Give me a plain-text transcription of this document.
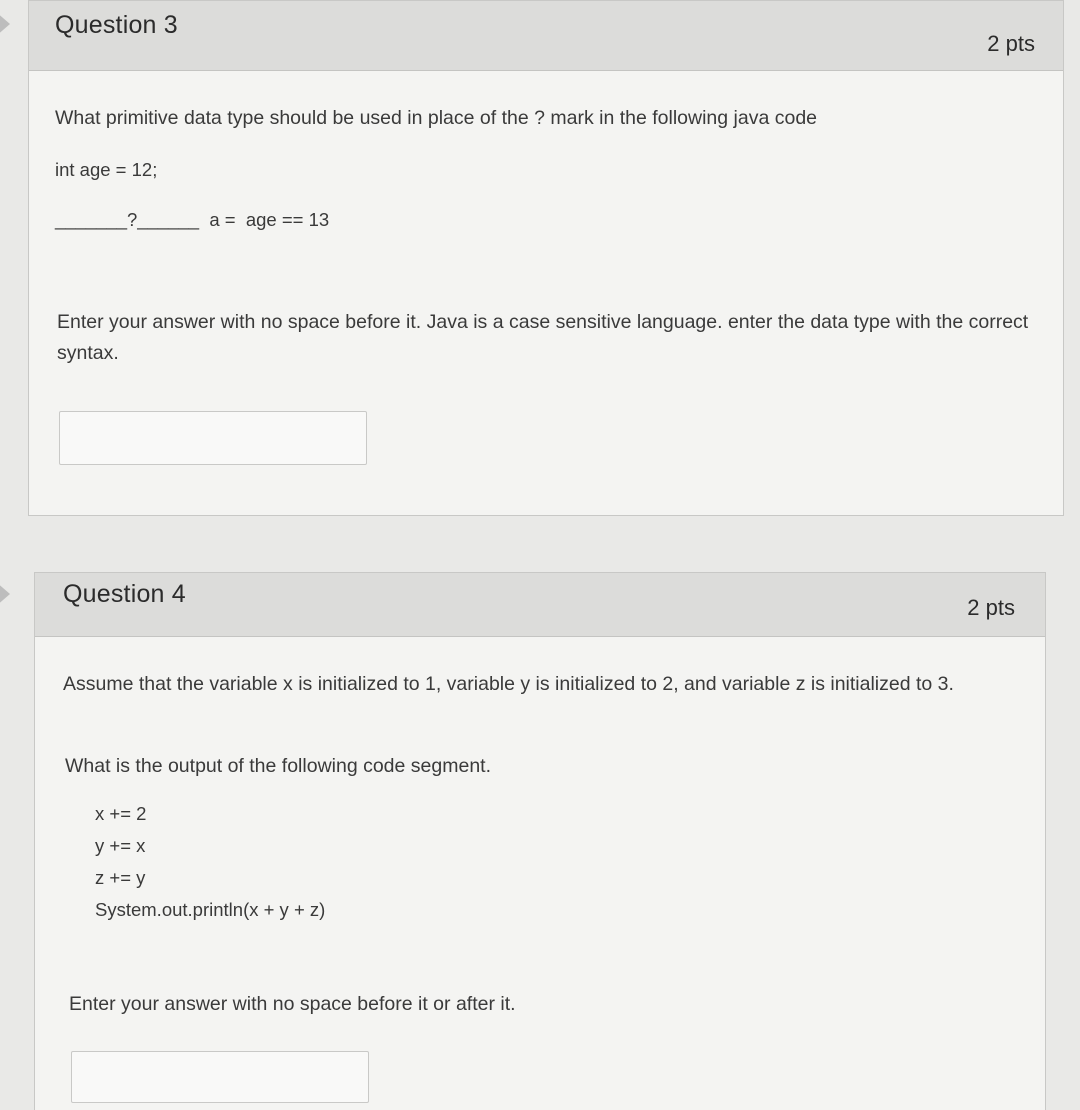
Question 3
2 pts
What primitive data type should be used in place of the ? mark in the following java code
int age = 12;
_______?______  a =  age == 13
Enter your answer with no space before it. Java is a case sensitive language. enter the data type with the correct syntax.
Question 4	2 pts
Assume that the variable x is initialized to 1, variable y is initialized to 2, and variable z is initialized to 3.
What is the output of the following code segment.
x += 2
y += x
z += y
System.out.println(x + y + z)
Enter your answer with no space before it or after it.
